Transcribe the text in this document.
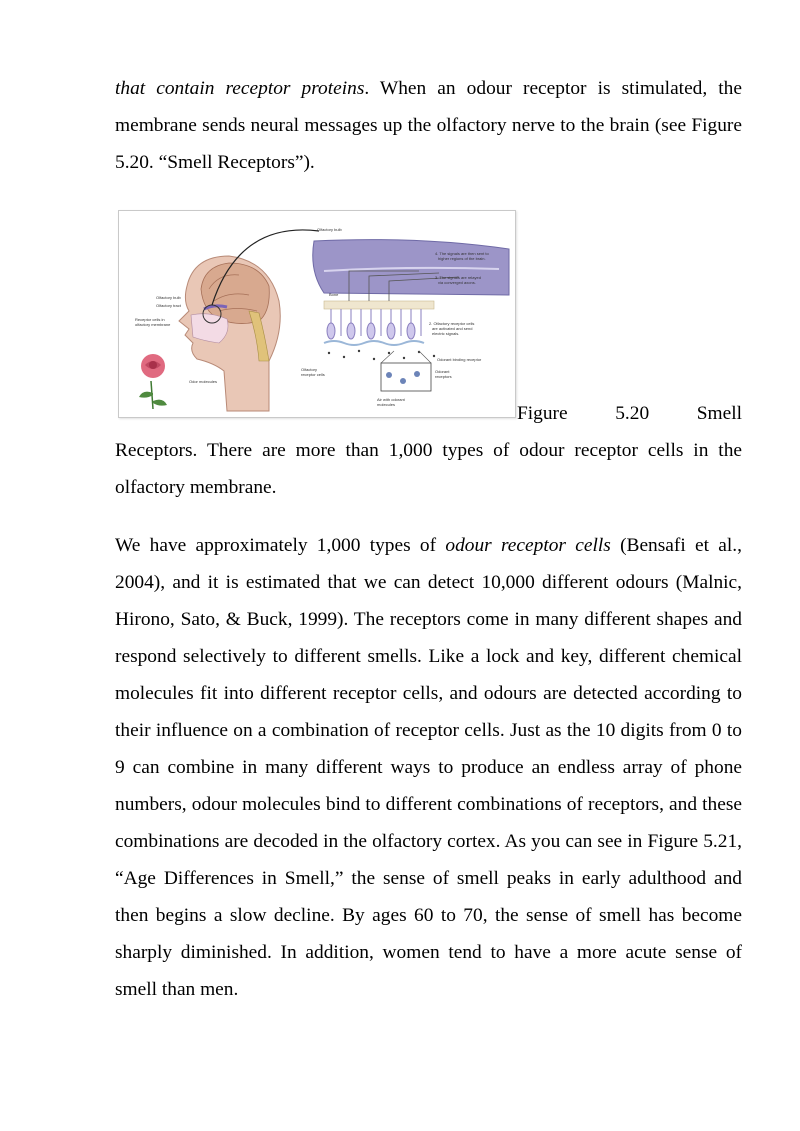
that contain receptor proteins. When an odour receptor is stimulated, the membrane sends neural messages up the olfactory nerve to the brain (see Figure 5.20. “Smell Receptors”).

Olfactory bulb
4. The signals are then sent to
higher regions of the brain.
3. The signals are relayed
via converged axons.
Bone
Olfactory bulb
Olfactory tract
Receptor cells in
olfactory membrane
Odor molecules
Olfactory
receptor cells
2. Olfactory receptor cells
are activated and send
electric signals.
Odorant binding receptor
Odorant
receptors
Air with odorant
molecules	Figure 5.20 Smell
Receptors. There are more than 1,000 types of odour receptor cells in the olfactory membrane.

We have approximately 1,000 types of odour receptor cells (Bensafi et al., 2004), and it is estimated that we can detect 10,000 different odours (Malnic, Hirono, Sato, & Buck, 1999). The receptors come in many different shapes and respond selectively to different smells. Like a lock and key, different chemical molecules fit into different receptor cells, and odours are detected according to their influence on a combination of receptor cells. Just as the 10 digits from 0 to 9 can combine in many different ways to produce an endless array of phone numbers, odour molecules bind to different combinations of receptors, and these combinations are decoded in the olfactory cortex. As you can see in Figure 5.21, “Age Differences in Smell,” the sense of smell peaks in early adulthood and then begins a slow decline. By ages 60 to 70, the sense of smell has become sharply diminished. In addition, women tend to have a more acute sense of smell than men.
